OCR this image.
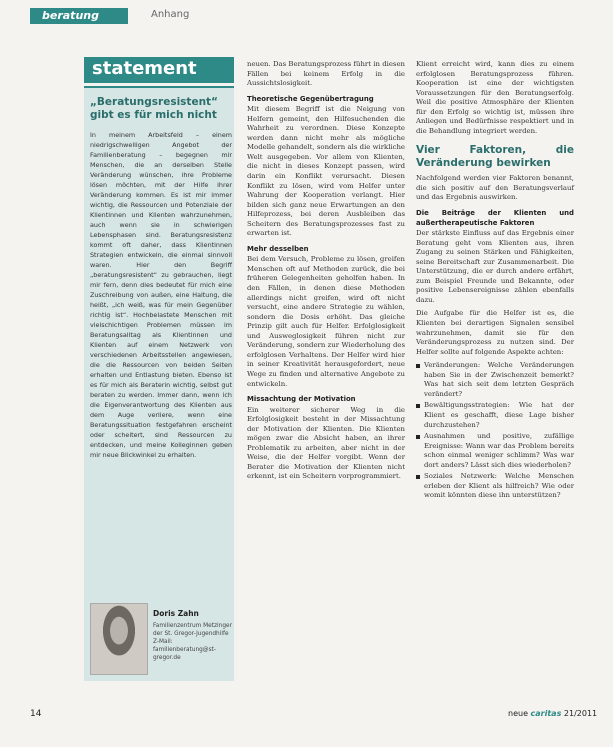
beratung	Anhang
statement
„Beratungsresistent“ gibt es für mich nicht
In meinem Arbeitsfeld – einem niedrigschwelligen Angebot der Familienberatung – begegnen mir Menschen, die an derselben Stelle Veränderung wünschen, ihre Probleme lösen möchten, mit der Hilfe ihrer Veränderung kommen. Es ist mir immer wichtig, die Ressourcen und Potenziale der Klientinnen und Klienten wahrzunehmen, auch wenn sie in schwierigen Lebensphasen sind. Beratungsresistenz kommt oft daher, dass Klientinnen Strategien entwickeln, die einmal sinnvoll waren. Hier den Begriff „beratungsresistent“ zu gebrauchen, liegt mir fern, denn dies bedeutet für mich eine Zuschreibung von außen, eine Haltung, die heißt, „ich weiß, was für mein Gegenüber richtig ist“. Hochbelastete Menschen mit vielschichtigen Problemen müssen im Beratungsalltag als Klientinnen und Klienten auf einem Netzwerk von verschiedenen Arbeitsstellen angewiesen, die die Ressourcen von beiden Seiten erhalten und Entlastung bieten. Ebenso ist es für mich als Beraterin wichtig, selbst gut beraten zu werden. Immer dann, wenn ich die Eigenverantwortung des Klienten aus dem Auge verliere, wenn eine Beratungssituation festgefahren erscheint oder scheitert, sind Ressourcen zu entdecken, und meine Kolleginnen geben mir neue Blickwinkel zu erhalten.
Doris Zahn
Familienzentrum Metzinger der St. Gregor-Jugendhilfe Z-Mail: familienberatung@st-gregor.de

neuen. Das Beratungsprozess führt in diesen Fällen bei keinem Erfolg in die Aussichtslosigkeit.

Theoretische Gegenübertragung

Mit diesem Begriff ist die Neigung von Helfern gemeint, den Hilfesuchenden die Wahrheit zu verordnen. Diese Konzepte werden dann nicht mehr als mögliche Modelle gehandelt, sondern als die wirkliche Welt ausgegeben. Vor allem von Klienten, die nicht in dieses Konzept passen, wird darin ein Konflikt verursacht. Diesen Konflikt zu lösen, wird vom Helfer unter Wahrung der Kooperation verlangt. Hier bilden sich ganz neue Erwartungen an den Hilfeprozess, bei deren Ausbleiben das Scheitern des Beratungsprozesses fast zu erwarten ist.

Mehr desselben

Bei dem Versuch, Probleme zu lösen, greifen Menschen oft auf Methoden zurück, die bei früheren Gelegenheiten geholfen haben. In den Fällen, in denen diese Methoden allerdings nicht greifen, wird oft nicht versucht, eine andere Strategie zu wählen, sondern die Dosis erhöht. Das gleiche Prinzip gilt auch für Helfer. Erfolglosigkeit und Ausweglosigkeit führen nicht zur Veränderung, sondern zur Wiederholung des erfolglosen Verhaltens. Der Helfer wird hier in seiner Kreativität herausgefordert, neue Wege zu finden und alternative Angebote zu entwickeln.

Missachtung der Motivation

Ein weiterer sicherer Weg in die Erfolglosigkeit besteht in der Missachtung der Motivation der Klienten. Die Klienten mögen zwar die Absicht haben, an ihrer Problematik zu arbeiten, aber nicht in der Weise, die der Helfer vorgibt. Wenn der Berater die Motivation der Klienten nicht erkennt, ist ein Scheitern vorprogrammiert.

Klient erreicht wird, kann dies zu einem erfolglosen Beratungsprozess führen. Kooperation ist eine der wichtigsten Voraussetzungen für den Beratungserfolg. Weil die positive Atmosphäre der Klienten für den Erfolg so wichtig ist, müssen ihre Anliegen und Bedürfnisse respektiert und in die Behandlung integriert werden.

Vier Faktoren, die Veränderung bewirken

Nachfolgend werden vier Faktoren benannt, die sich positiv auf den Beratungsverlauf und das Ergebnis auswirken.

Die Beiträge der Klienten und außertherapeutische Faktoren

Der stärkste Einfluss auf das Ergebnis einer Beratung geht vom Klienten aus, ihren Zugang zu seinen Stärken und Fähigkeiten, seine Bereitschaft zur Zusammenarbeit. Die Unterstützung, die er durch andere erfährt, zum Beispiel Freunde und Bekannte, oder positive Lebensereignisse zählen ebenfalls dazu.

Die Aufgabe für die Helfer ist es, die Klienten bei derartigen Signalen sensibel wahrzunehmen, damit sie für den Veränderungsprozess zu nutzen sind. Der Helfer sollte auf folgende Aspekte achten:

Veränderungen: Welche Veränderungen haben Sie in der Zwischenzeit bemerkt? Was hat sich seit dem letzten Gespräch verändert?
Bewältigungsstrategien: Wie hat der Klient es geschafft, diese Lage bisher durchzustehen?
Ausnahmen und positive, zufällige Ereignisse: Wann war das Problem bereits schon einmal weniger schlimm? Was war dort anders? Lässt sich dies wiederholen?
Soziales Netzwerk: Welche Menschen erleben der Klient als hilfreich? Wie oder womit könnten diese ihn unterstützen?
14	neue caritas 21/2011
